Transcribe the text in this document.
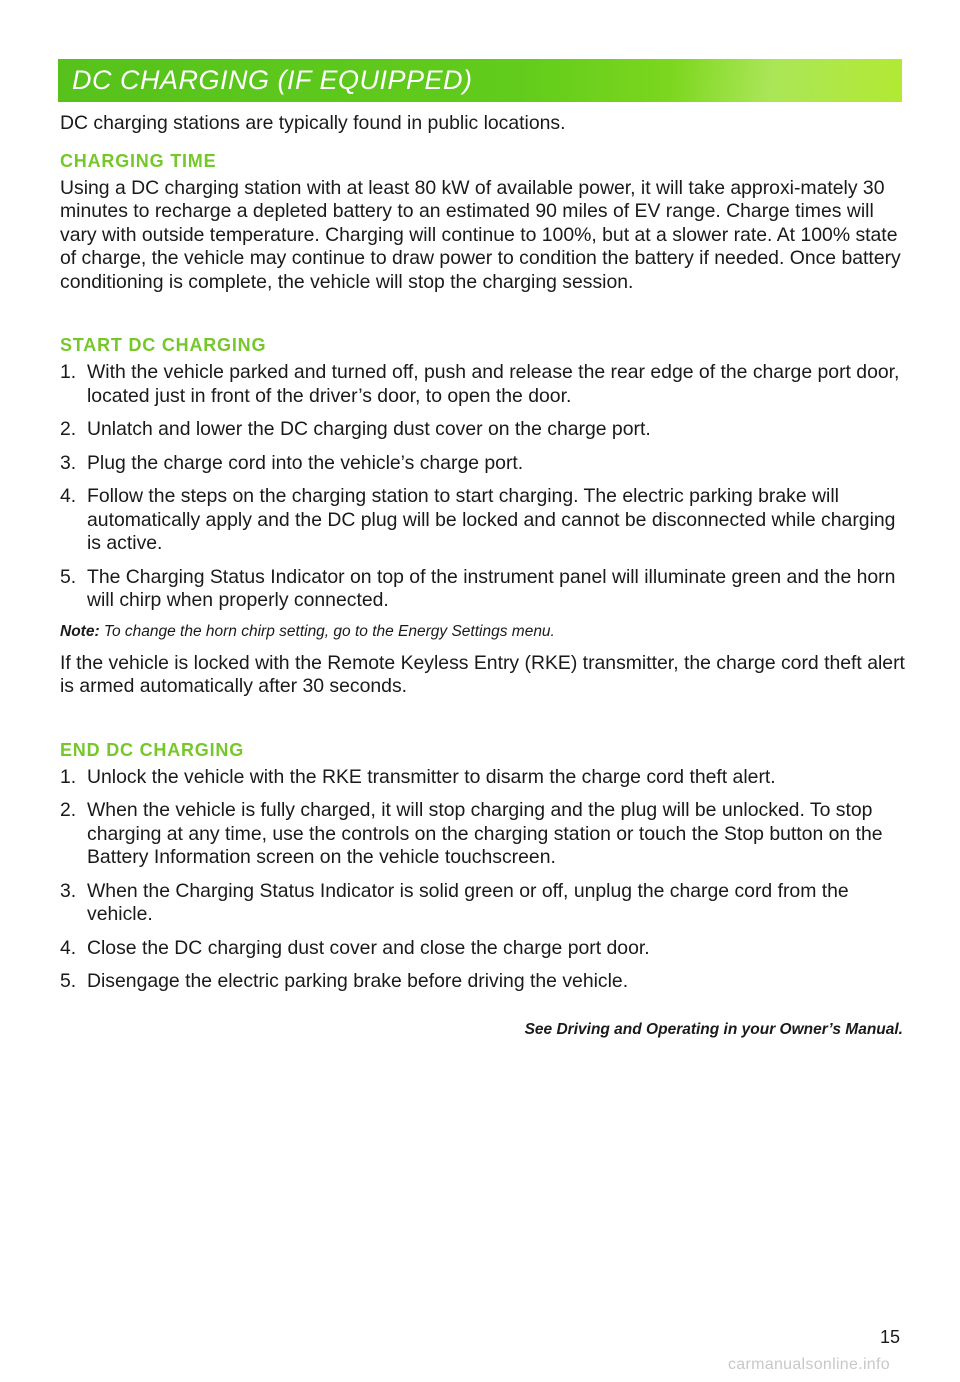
DC CHARGING (IF EQUIPPED)

DC charging stations are typically found in public locations.

CHARGING TIME

Using a DC charging station with at least 80 kW of available power, it will take approxi-mately 30 minutes to recharge a depleted battery to an estimated 90 miles of EV range. Charge times will vary with outside temperature. Charging will continue to 100%, but at a slower rate. At 100% state of charge, the vehicle may continue to draw power to condition the battery if needed. Once battery conditioning is complete, the vehicle will stop the charging session.

START DC CHARGING
1. With the vehicle parked and turned off, push and release the rear edge of the charge port door, located just in front of the driver’s door, to open the door.
2. Unlatch and lower the DC charging dust cover on the charge port.
3. Plug the charge cord into the vehicle’s charge port.
4. Follow the steps on the charging station to start charging. The electric parking brake will automatically apply and the DC plug will be locked and cannot be disconnected while charging is active.
5. The Charging Status Indicator on top of the instrument panel will illuminate green and the horn will chirp when properly connected.

Note: To change the horn chirp setting, go to the Energy Settings menu.

If the vehicle is locked with the Remote Keyless Entry (RKE) transmitter, the charge cord theft alert is armed automatically after 30 seconds.

END DC CHARGING
1. Unlock the vehicle with the RKE transmitter to disarm the charge cord theft alert.
2. When the vehicle is fully charged, it will stop charging and the plug will be unlocked. To stop charging at any time, use the controls on the charging station or touch the Stop button on the Battery Information screen on the vehicle touchscreen.
3. When the Charging Status Indicator is solid green or off, unplug the charge cord from the vehicle.
4. Close the DC charging dust cover and close the charge port door.
5. Disengage the electric parking brake before driving the vehicle.

See Driving and Operating in your Owner’s Manual.

15
carmanualsonline.info
